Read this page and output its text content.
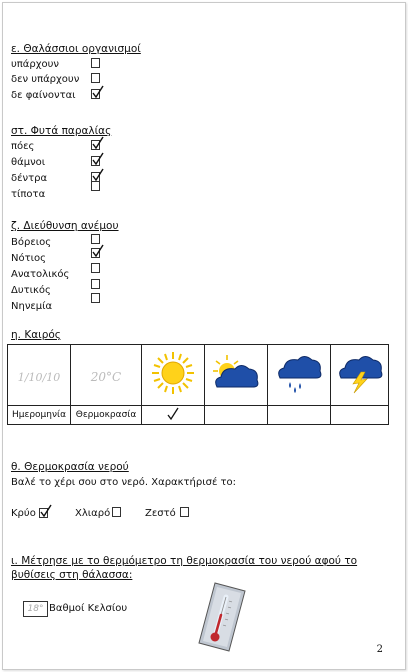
ε. Θαλάσσιοι οργανισμοί
υπάρχουν
δεν υπάρχουν
δε φαίνονται
στ. Φυτά παραλίας
πόες
θάμνοι
δέντρα
τίποτα
ζ. Διεύθυνση ανέμου
Βόρειος
Νότιος
Ανατολικός
Δυτικός
Νηνεμία
η. Καιρός
1/10/10	20°C				
Ημερομηνία	Θερμοκρασία				
θ. Θερμοκρασία νερού
Βαλέ το χέρι σου στο νερό. Χαρακτήρισέ το:
Κρύο	Χλιαρό	Ζεστό
ι. Μέτρησε με το θερμόμετρο τη θερμοκρασία του νερού αφού το βυθίσεις στη θάλασσα:
18° Βαθμοί Κελσίου
2
